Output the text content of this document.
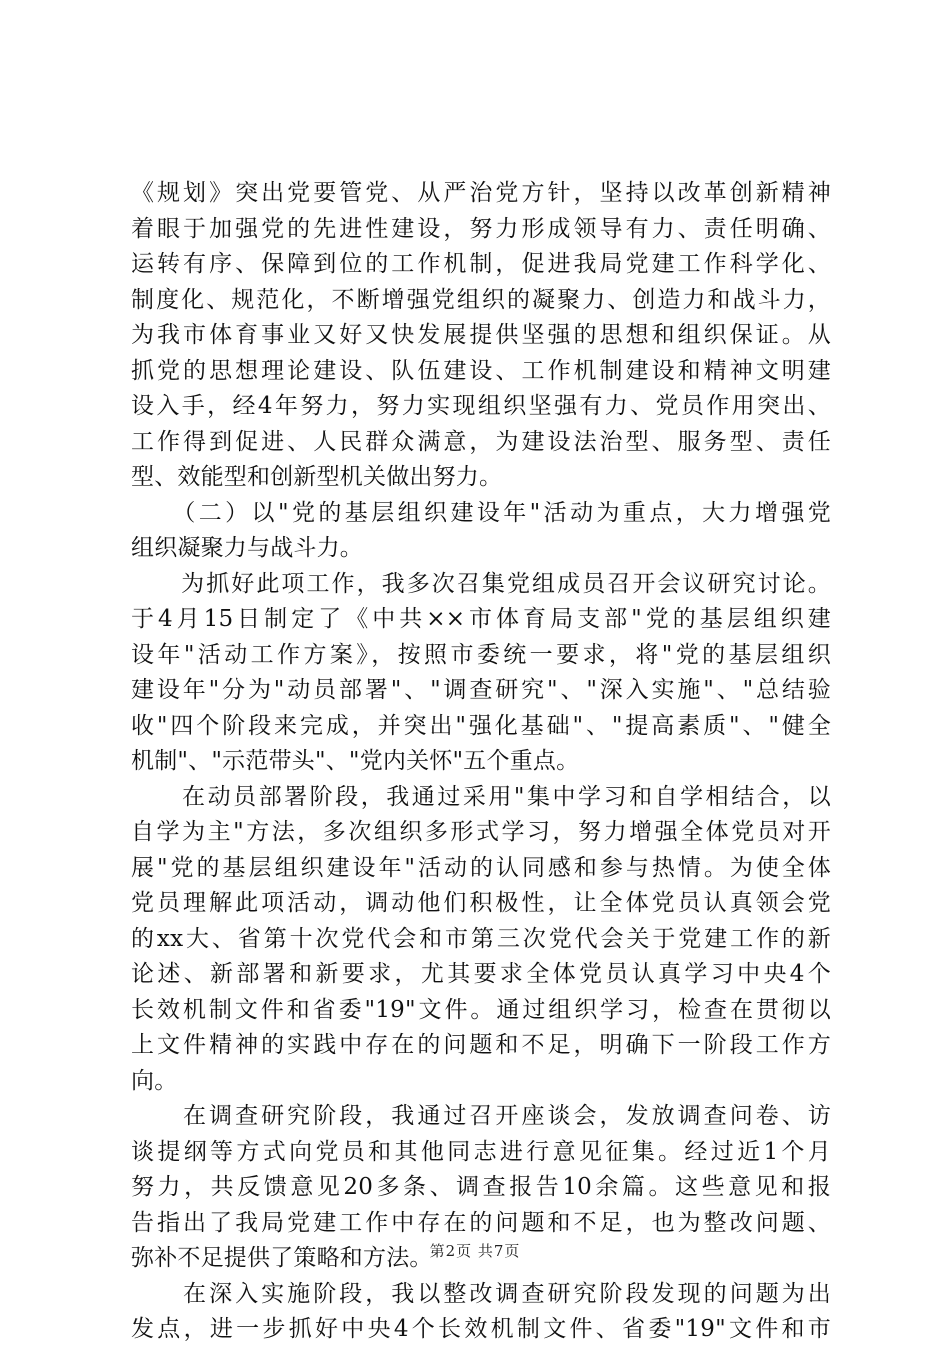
《规划》突出党要管党、从严治党方针，坚持以改革创新精神
着眼于加强党的先进性建设，努力形成领导有力、责任明确、
运转有序、保障到位的工作机制，促进我局党建工作科学化、
制度化、规范化，不断增强党组织的凝聚力、创造力和战斗力，
为我市体育事业又好又快发展提供坚强的思想和组织保证。从
抓党的思想理论建设、队伍建设、工作机制建设和精神文明建
设入手，经4年努力，努力实现组织坚强有力、党员作用突出、
工作得到促进、人民群众满意，为建设法治型、服务型、责任
型、效能型和创新型机关做出努力。
　　（二）以"党的基层组织建设年"活动为重点，大力增强党
组织凝聚力与战斗力。
　　为抓好此项工作，我多次召集党组成员召开会议研究讨论。
于4月15日制定了《中共××市体育局支部"党的基层组织建
设年"活动工作方案》，按照市委统一要求，将"党的基层组织
建设年"分为"动员部署"、"调查研究"、"深入实施"、"总结验
收"四个阶段来完成，并突出"强化基础"、"提高素质"、"健全
机制"、"示范带头"、"党内关怀"五个重点。
　　在动员部署阶段，我通过采用"集中学习和自学相结合，以
自学为主"方法，多次组织多形式学习，努力增强全体党员对开
展"党的基层组织建设年"活动的认同感和参与热情。为使全体
党员理解此项活动，调动他们积极性，让全体党员认真领会党
的xx大、省第十次党代会和市第三次党代会关于党建工作的新
论述、新部署和新要求，尤其要求全体党员认真学习中央4个
长效机制文件和省委"19"文件。通过组织学习，检查在贯彻以
上文件精神的实践中存在的问题和不足，明确下一阶段工作方
向。
　　在调查研究阶段，我通过召开座谈会，发放调查问卷、访
谈提纲等方式向党员和其他同志进行意见征集。经过近1个月
努力，共反馈意见20多条、调查报告10余篇。这些意见和报
告指出了我局党建工作中存在的问题和不足，也为整改问题、
弥补不足提供了策略和方法。
　　在深入实施阶段，我以整改调查研究阶段发现的问题为出
发点，进一步抓好中央4个长效机制文件、省委"19"文件和市
第2页 共7页
